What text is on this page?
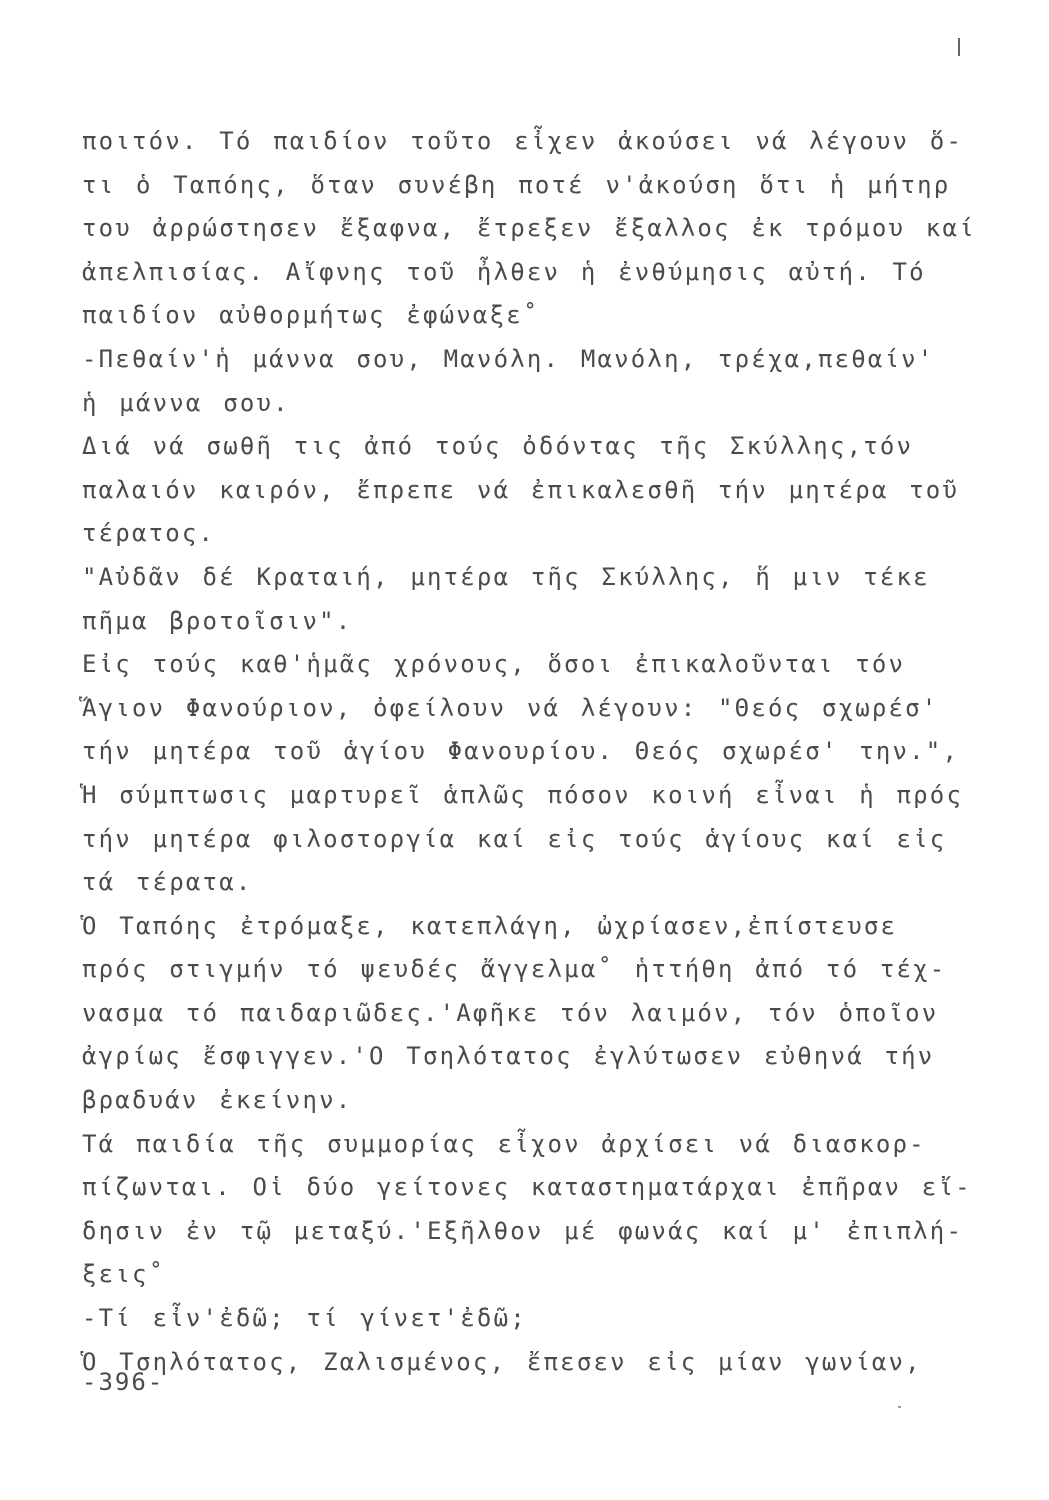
ποιτόν. Τό παιδίον τοῦτο εἶχεν ἀκούσει νά λέγουν ὅ-
τι ὁ Ταπόης, ὅταν συνέβη ποτέ ν'ἀκούση ὅτι ἡ μήτηρ
του ἀρρώστησεν ἔξαφνα, ἔτρεξεν ἔξαλλος ἐκ τρόμου καί
ἀπελπισίας. Αἴφνης τοῦ ἦλθεν ἡ ἐνθύμησις αὐτή. Τό
παιδίον αὐθορμήτως ἐφώναξε˚
-Πεθαίν'ἡ μάννα σου, Μανόλη. Μανόλη, τρέχα,πεθαίν'
ἡ μάννα σου.
Διά νά σωθῆ τις ἀπό τούς ὀδόντας τῆς Σκύλλης,τόν
παλαιόν καιρόν, ἔπρεπε νά ἐπικαλεσθῆ τήν μητέρα τοῦ
τέρατος.
"Αὐδᾶν δέ Κραταιή, μητέρα τῆς Σκύλλης, ἥ μιν τέκε
πῆμα βροτοῖσιν".
Εἰς τούς καθ'ἡμᾶς χρόνους, ὅσοι ἐπικαλοῦνται τόν
Ἅγιον Φανούριον, ὀφείλουν νά λέγουν: "Θεός σχωρέσ'
τήν μητέρα τοῦ ἁγίου Φανουρίου. Θεός σχωρέσ' την.",
Ἡ σύμπτωσις μαρτυρεῖ ἁπλῶς πόσον κοινή εἶναι ἡ πρός
τήν μητέρα φιλοστοργία καί εἰς τούς ἁγίους καί εἰς
τά τέρατα.
Ὁ Ταπόης ἐτρόμαξε, κατεπλάγη, ὠχρίασεν,ἐπίστευσε
πρός στιγμήν τό ψευδές ἄγγελμα˚ ἡττήθη ἀπό τό τέχ-
νασμα τό παιδαριῶδες.'Αφῆκε τόν λαιμόν, τόν ὁποῖον
ἀγρίως ἔσφιγγεν.'Ο Τσηλότατος ἐγλύτωσεν εὐθηνά τήν
βραδυάν ἐκείνην.
Τά παιδία τῆς συμμορίας εἶχον ἀρχίσει νά διασκορ-
πίζωνται. Οἱ δύο γείτονες καταστηματάρχαι ἐπῆραν εἴ-
δησιν ἐν τῷ μεταξύ.'Εξῆλθον μέ φωνάς καί μ' ἐπιπλή-
ξεις˚
-Τί εἶν'ἐδῶ; τί γίνετ'ἐδῶ;
Ὁ Τσηλότατος, Ζαλισμένος, ἔπεσεν εἰς μίαν γωνίαν,
-396-
